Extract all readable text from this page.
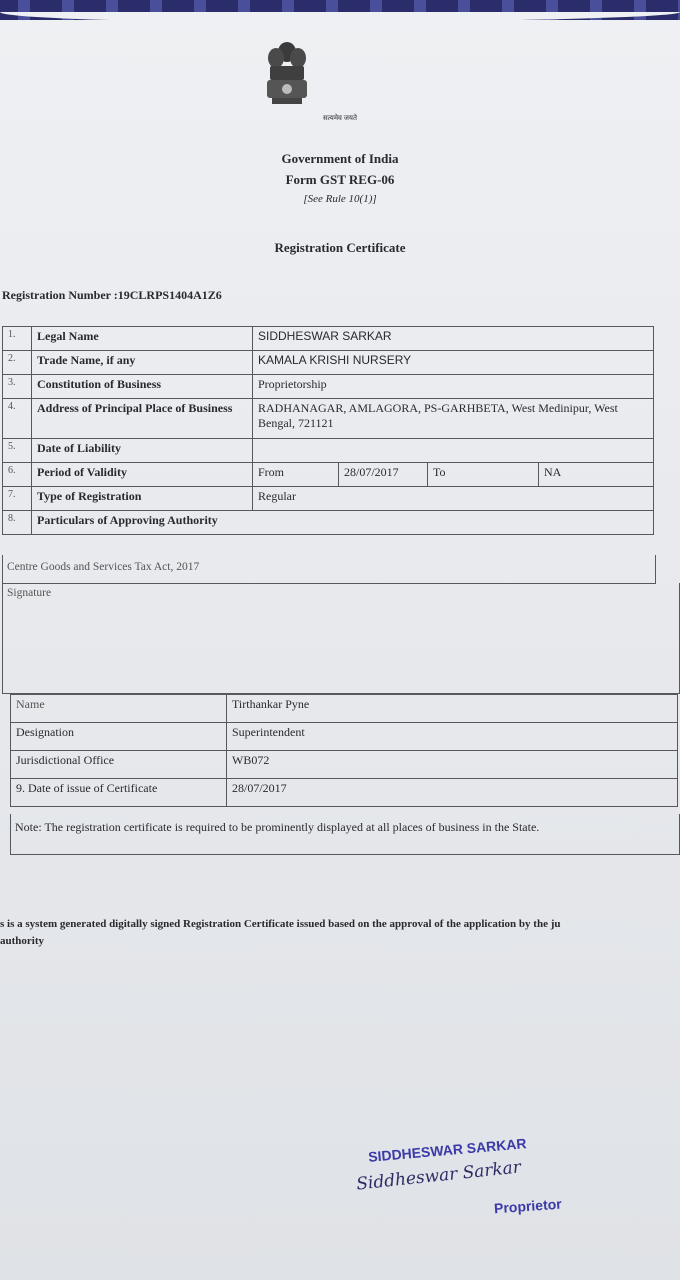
सत्यमेव जयते
Government of India
Form GST REG-06
[See Rule 10(1)]
Registration Certificate
Registration Number :19CLRPS1404A1Z6
1.	Legal Name	SIDDHESWAR SARKAR			
2.	Trade Name, if any	KAMALA KRISHI NURSERY			
3.	Constitution of Business	Proprietorship			
4.	Address of Principal Place of Business	RADHANAGAR, AMLAGORA, PS-GARHBETA, West Medinipur, West Bengal, 721121			
5.	Date of Liability				
6.	Period of Validity	From	28/07/2017	To	NA
7.	Type of Registration	Regular			
8.	Particulars of Approving Authority				
Centre Goods and Services Tax Act, 2017
Signature
Name	Tirthankar Pyne
Designation	Superintendent
Jurisdictional Office	WB072
9. Date of issue of Certificate	28/07/2017
Note: The registration certificate is required to be prominently displayed at all places of business in the State.
s is a system generated digitally signed Registration Certificate issued based on the approval of the application by the ju
authority
SIDDHESWAR SARKAR
Siddheswar Sarkar
Proprietor
